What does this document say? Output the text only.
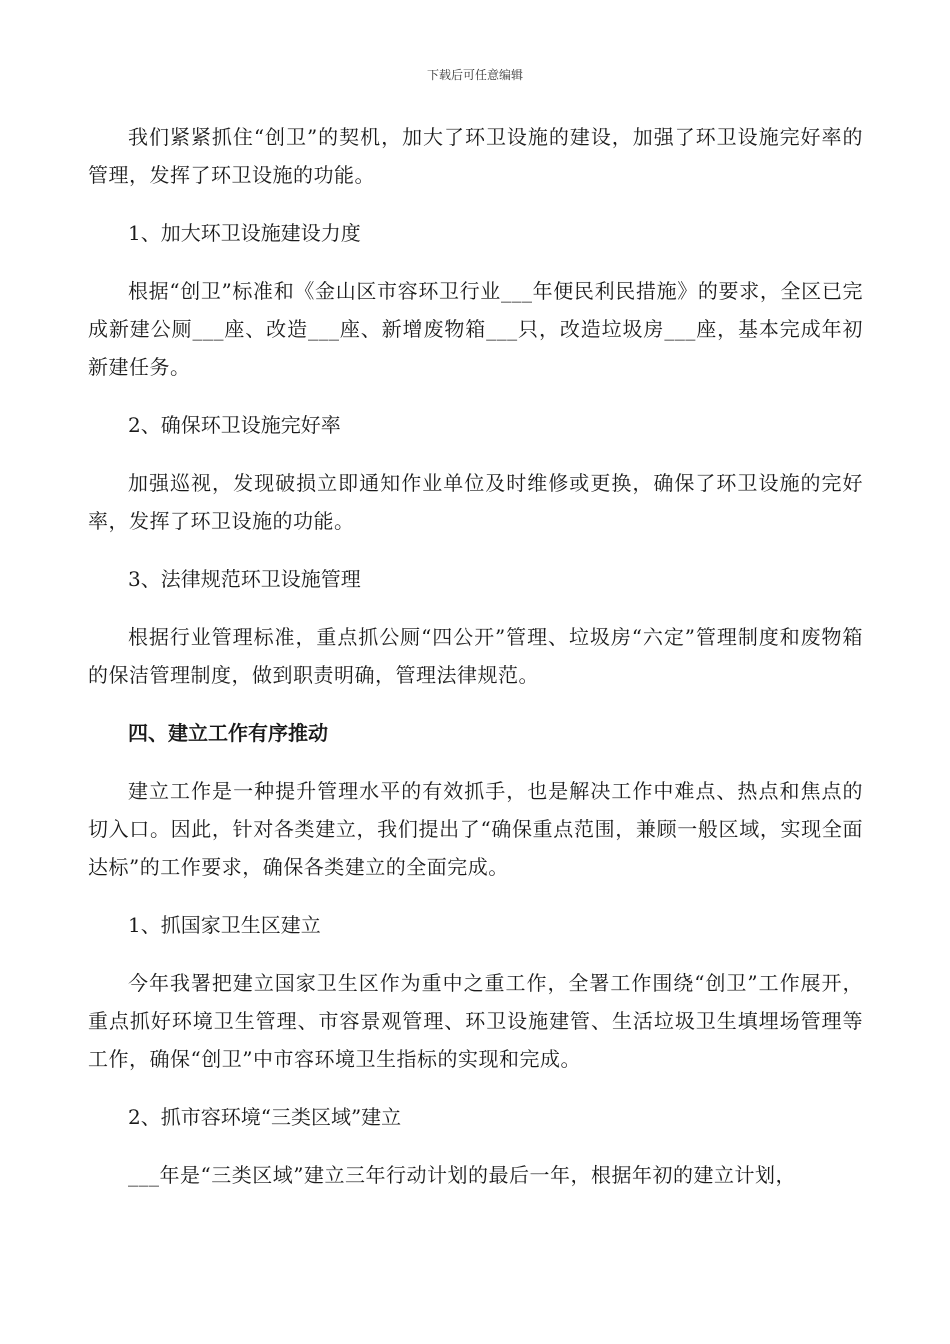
下载后可任意编辑

我们紧紧抓住“创卫”的契机，加大了环卫设施的建设，加强了环卫设施完好率的管理，发挥了环卫设施的功能。

1、加大环卫设施建设力度

根据“创卫”标准和《金山区市容环卫行业___年便民利民措施》的要求，全区已完成新建公厕___座、改造___座、新增废物箱___只，改造垃圾房___座，基本完成年初新建任务。

2、确保环卫设施完好率

加强巡视，发现破损立即通知作业单位及时维修或更换，确保了环卫设施的完好率，发挥了环卫设施的功能。

3、法律规范环卫设施管理

根据行业管理标准，重点抓公厕“四公开”管理、垃圾房“六定”管理制度和废物箱的保洁管理制度，做到职责明确，管理法律规范。

四、建立工作有序推动

建立工作是一种提升管理水平的有效抓手，也是解决工作中难点、热点和焦点的切入口。因此，针对各类建立，我们提出了“确保重点范围，兼顾一般区域，实现全面达标”的工作要求，确保各类建立的全面完成。

1、抓国家卫生区建立

今年我署把建立国家卫生区作为重中之重工作，全署工作围绕“创卫”工作展开，重点抓好环境卫生管理、市容景观管理、环卫设施建管、生活垃圾卫生填埋场管理等工作，确保“创卫”中市容环境卫生指标的实现和完成。

2、抓市容环境“三类区域”建立

___年是“三类区域”建立三年行动计划的最后一年，根据年初的建立计划，
